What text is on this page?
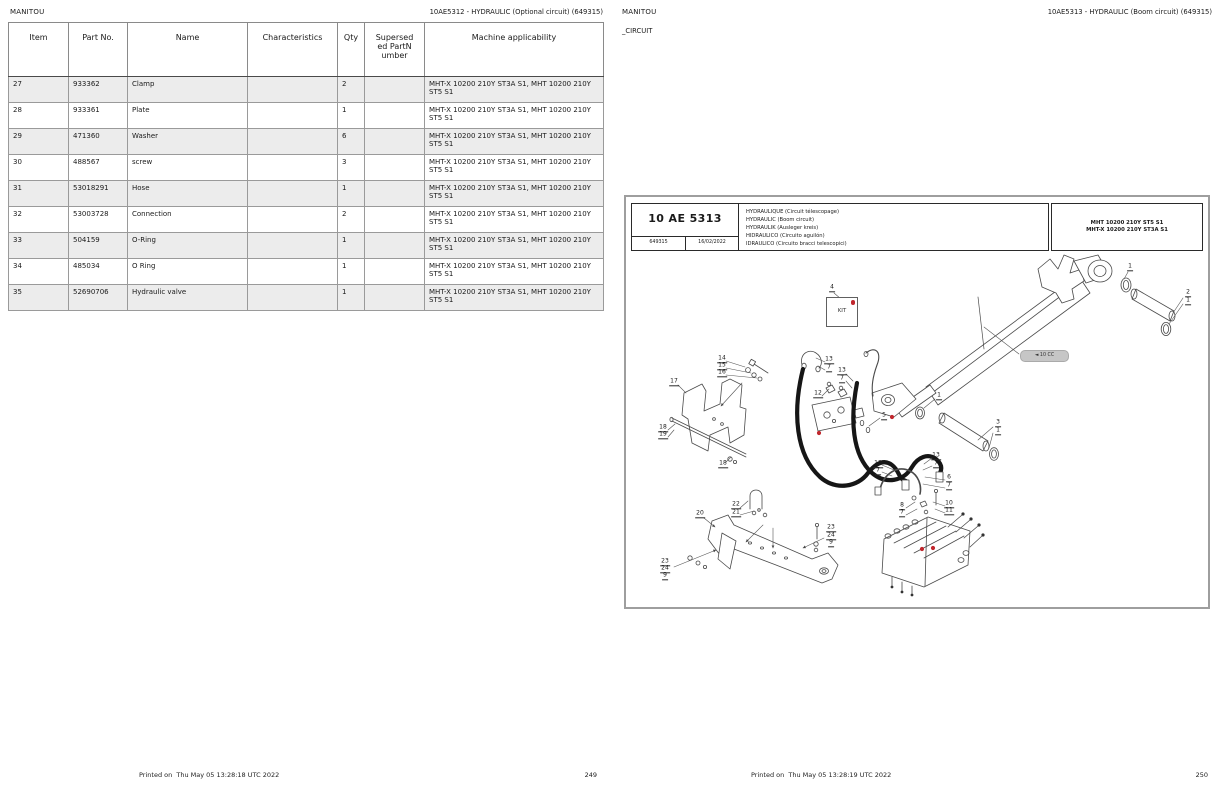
MANITOU	10AE5312 - HYDRAULIC (Optional circuit) (649315)
Item	Part No.	Name	Characteristics	Qty	Superseded PartNumber	Machine applicability
27	933362	Clamp		2		MHT-X 10200 210Y ST3A S1, MHT 10200 210Y ST5 S1
28	933361	Plate		1		MHT-X 10200 210Y ST3A S1, MHT 10200 210Y ST5 S1
29	471360	Washer		6		MHT-X 10200 210Y ST3A S1, MHT 10200 210Y ST5 S1
30	488567	screw		3		MHT-X 10200 210Y ST3A S1, MHT 10200 210Y ST5 S1
31	53018291	Hose		1		MHT-X 10200 210Y ST3A S1, MHT 10200 210Y ST5 S1
32	53003728	Connection		2		MHT-X 10200 210Y ST3A S1, MHT 10200 210Y ST5 S1
33	504159	O-Ring		1		MHT-X 10200 210Y ST3A S1, MHT 10200 210Y ST5 S1
34	485034	O Ring		1		MHT-X 10200 210Y ST3A S1, MHT 10200 210Y ST5 S1
35	52690706	Hydraulic valve		1		MHT-X 10200 210Y ST3A S1, MHT 10200 210Y ST5 S1
Printed on  Thu May 05 13:28:18 UTC 2022	249
MANITOU
_CIRCUIT
10AE5313 - HYDRAULIC (Boom circuit) (649315)
10 AE 5313
649315	16/02/2022
HYDRAULIQUE (Circuit télescopage)
HYDRAULIC (Boom circuit)
HYDRAULIK (Ausleger kreis)
HIDRAULICO (Circuito aguilón)
IDRAULICO (Circuito bracci telescopici)
MHT 10200 210Y ST5 S1
MHT-X 10200 210Y ST3A S1
KIT
◄ 10 CC
4
1
2
1
1
5
3
1
13
7 13
7
12
14
15
16
17
18
19
18
20
22
21
23
24
9
23
24
9
13
7
13
7
6
7
8
7
10
11
Printed on  Thu May 05 13:28:19 UTC 2022	250
